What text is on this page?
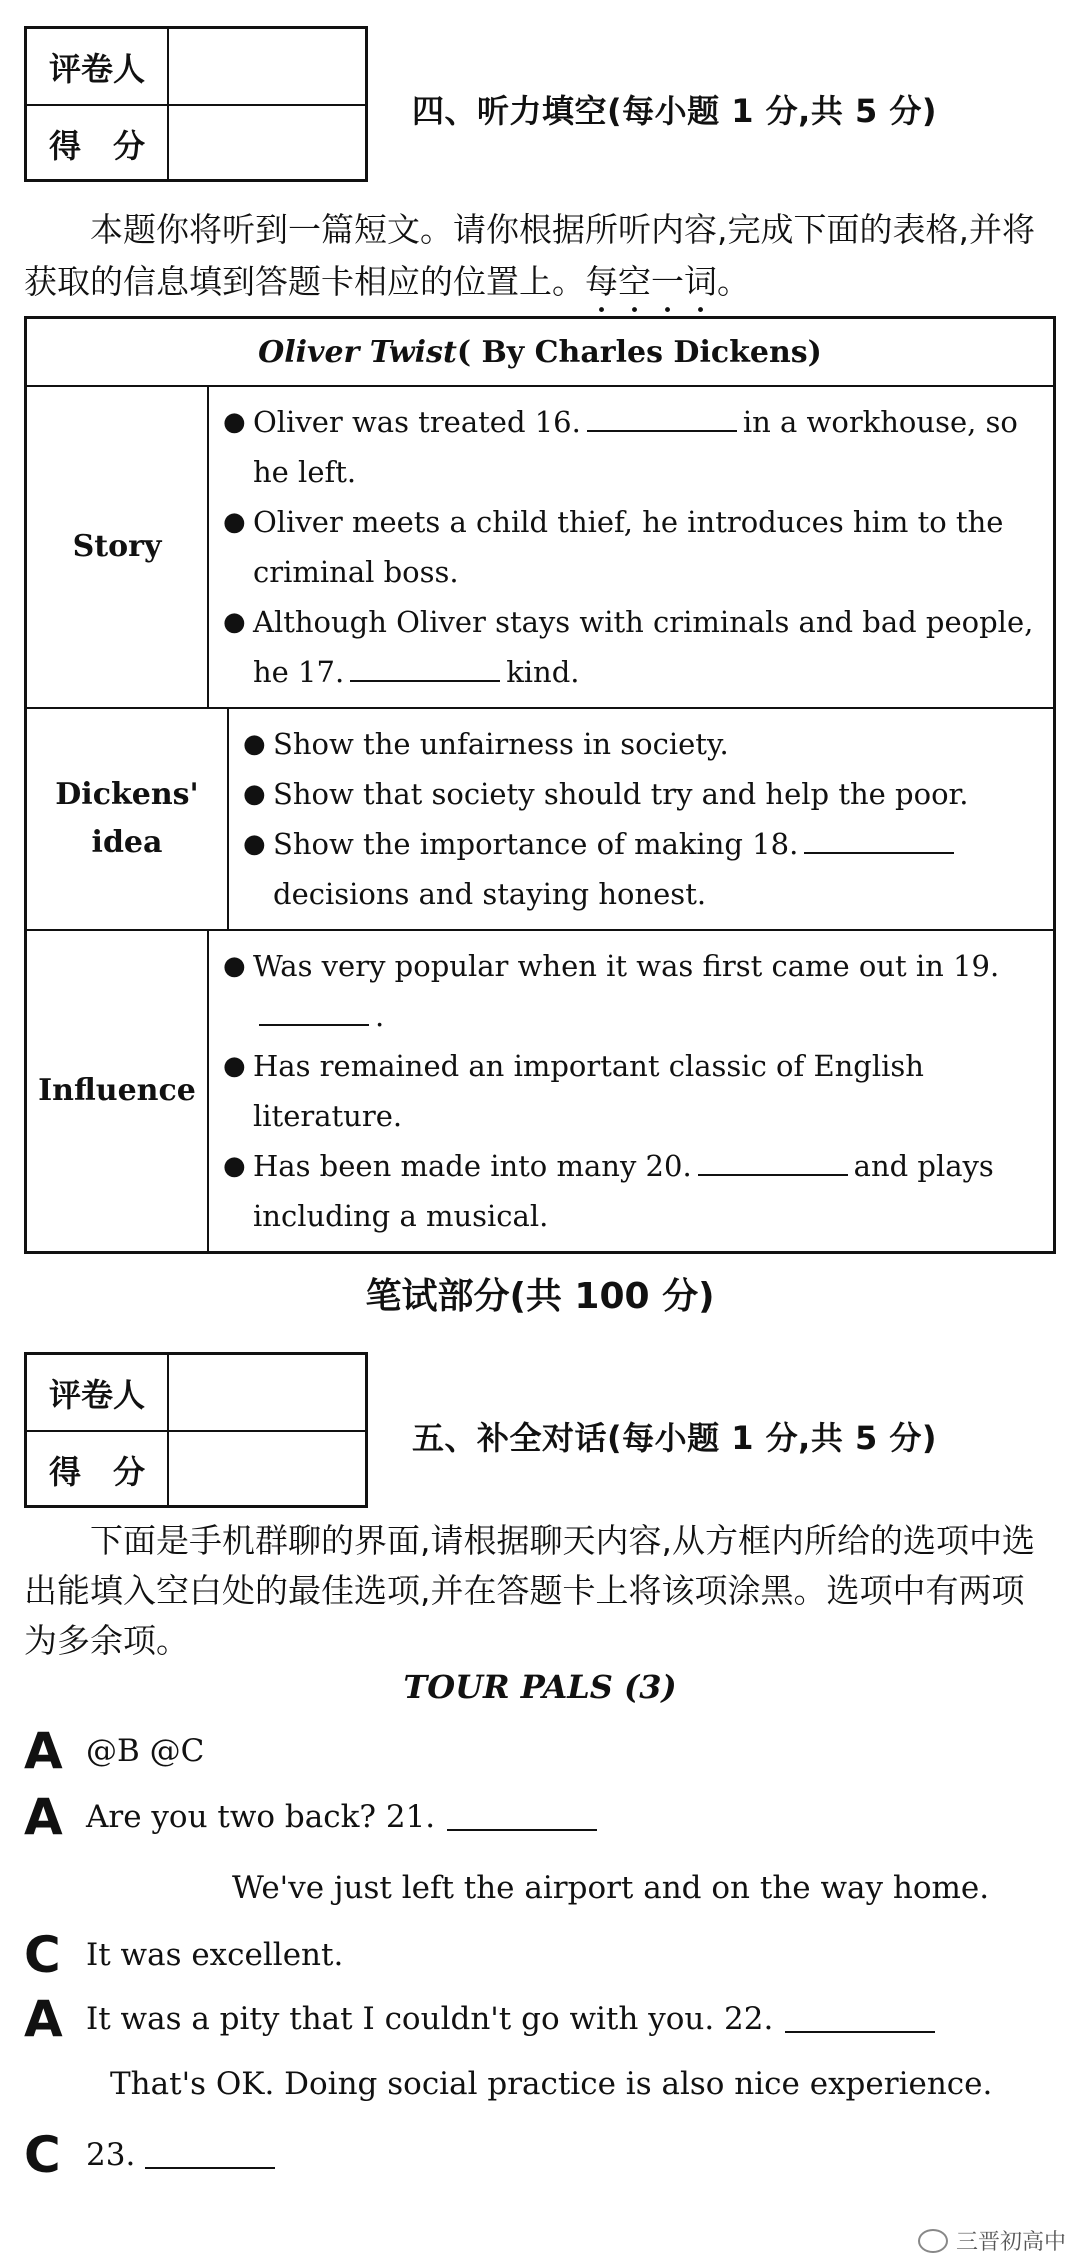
评卷人
得　分
四、听力填空(每小题 1 分,共 5 分)
本题你将听到一篇短文。请你根据所听内容,完成下面的表格,并将获取的信息填到答题卡相应的位置上。每空一词。
Oliver Twist ( By Charles Dickens)
Story
● Oliver was treated 16.	in a workhouse, so he left.
● Oliver meets a child thief, he introduces him to the criminal boss.
● Although Oliver stays with criminals and bad people, he 17.	kind.
Dickens' idea
● Show the unfairness in society.
● Show that society should try and help the poor.
● Show the importance of making 18.decisions and staying honest.
Influence
● Was very popular when it was first came out in 19..
● Has remained an important classic of English literature.
● Has been made into many 20.	and plays including a musical.
笔试部分(共 100 分)
评卷人
得　分
五、补全对话(每小题 1 分,共 5 分)
下面是手机群聊的界面,请根据聊天内容,从方框内所给的选项中选出能填入空白处的最佳选项,并在答题卡上将该项涂黑。选项中有两项为多余项。
TOUR PALS (3)
A @B @C
A Are you two back? 21.
We've just left the airport and on the way home.
C It was excellent.
A It was a pity that I couldn't go with you. 22.
That's OK. Doing social practice is also nice experience.
C 23.
三晋初高中
